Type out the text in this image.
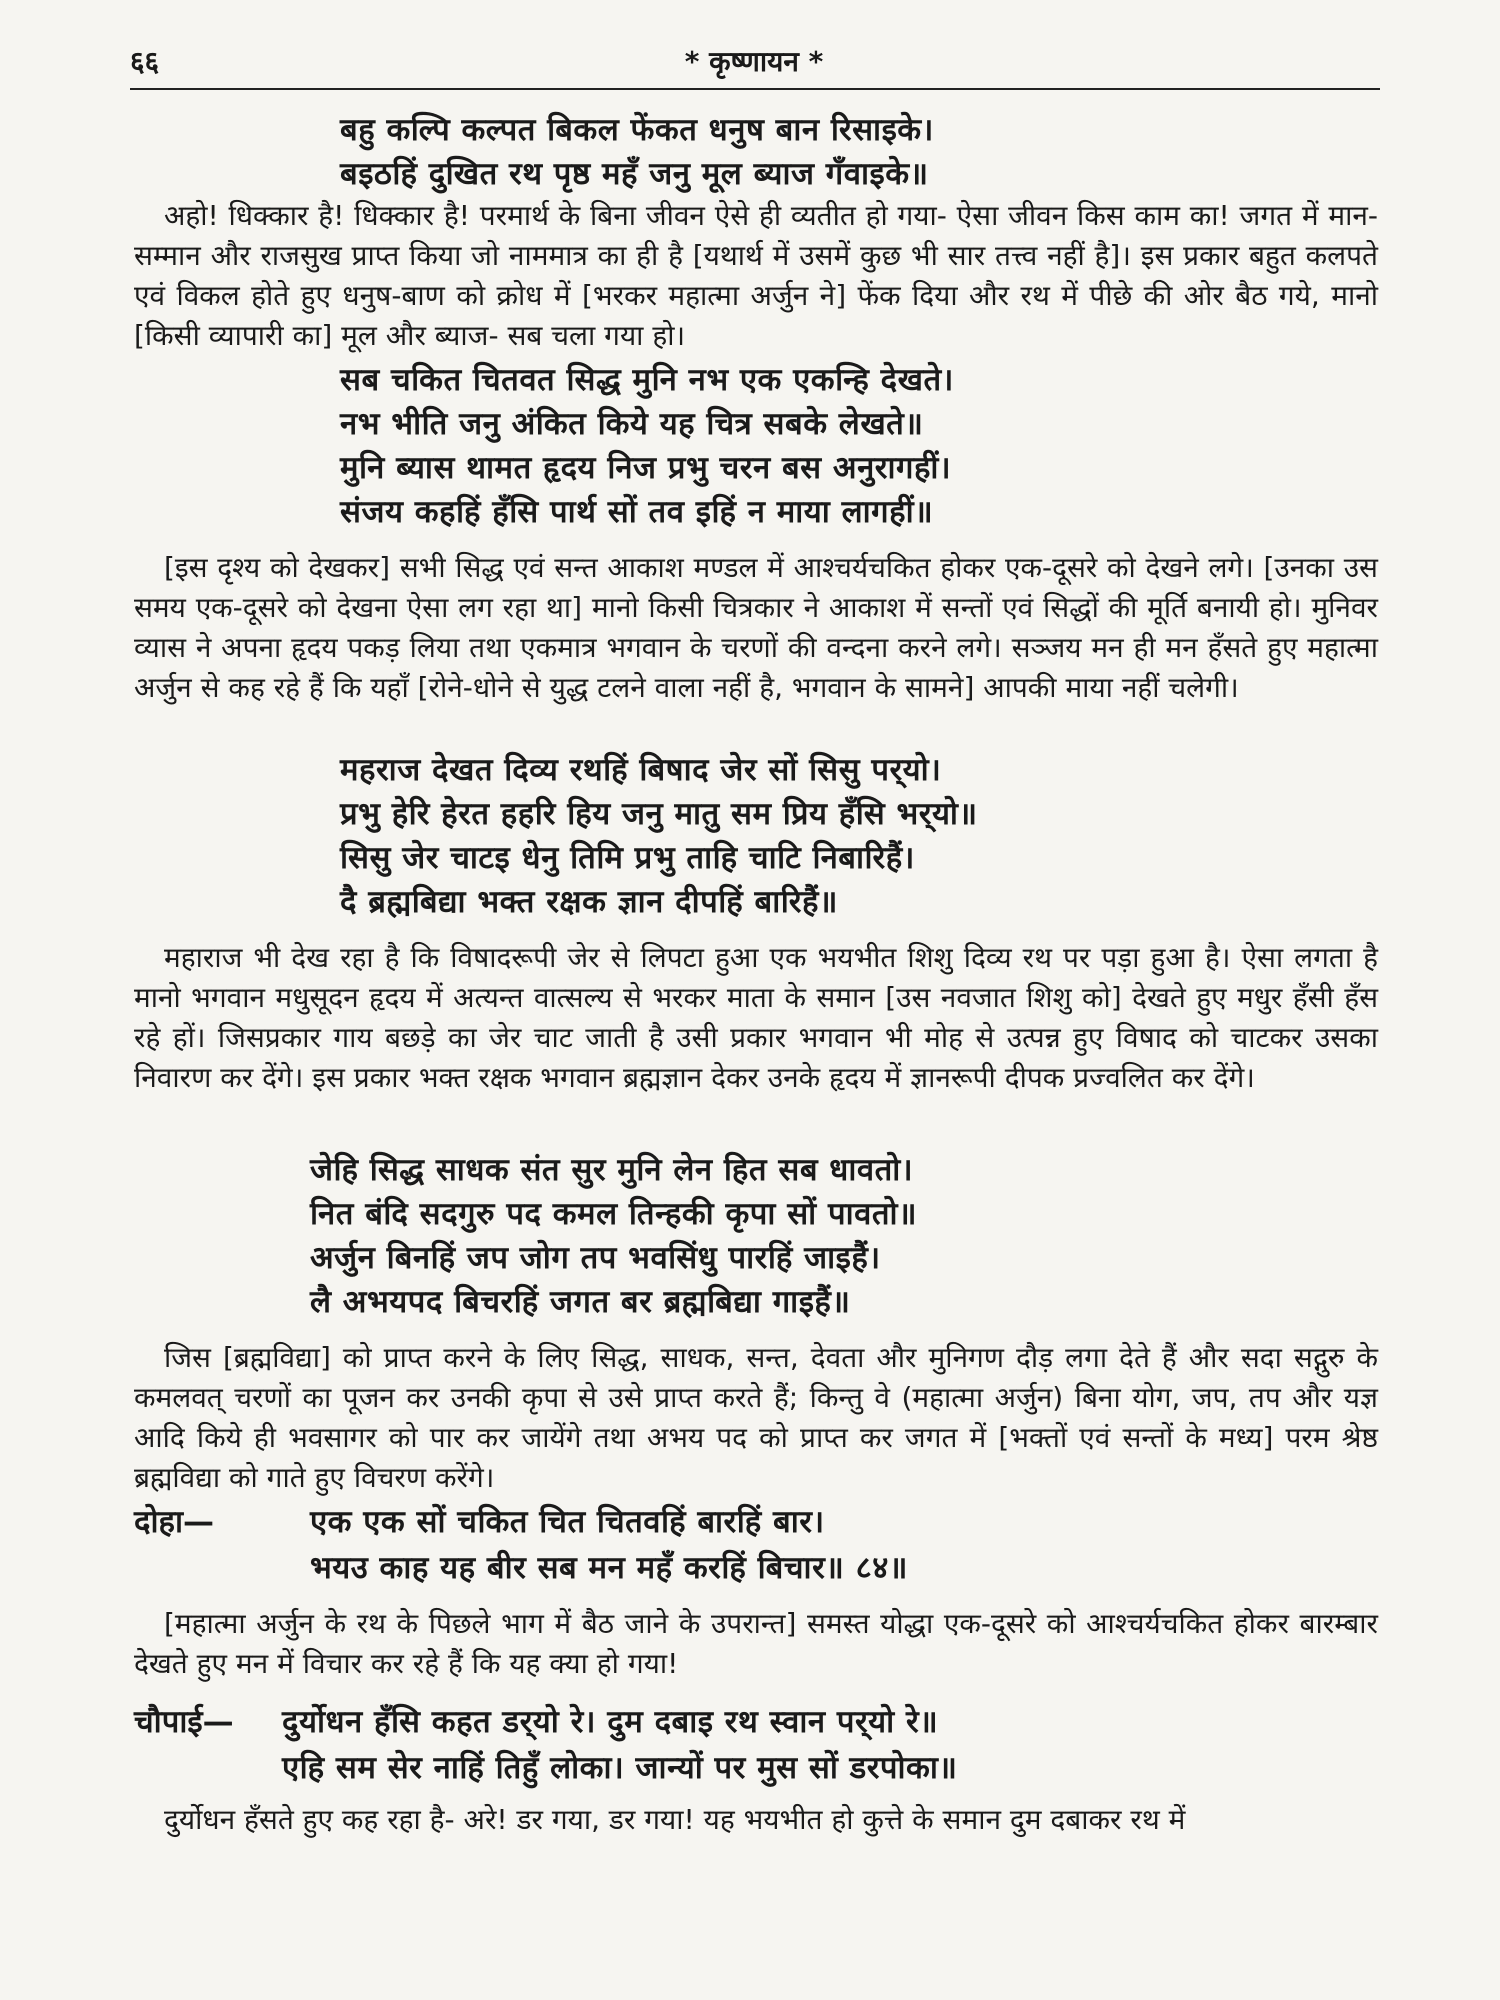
६६	* कृष्णायन *
बहु कल्पि कल्पत बिकल फेंकत धनुष बान रिसाइके।
बइठहिं दुखित रथ पृष्ठ महँ जनु मूल ब्याज गँवाइके॥

अहो! धिक्कार है! धिक्कार है! परमार्थ के बिना जीवन ऐसे ही व्यतीत हो गया- ऐसा जीवन किस काम का! जगत में मान-सम्मान और राजसुख प्राप्त किया जो नाममात्र का ही है [यथार्थ में उसमें कुछ भी सार तत्त्व नहीं है]। इस प्रकार बहुत कलपते एवं विकल होते हुए धनुष-बाण को क्रोध में [भरकर महात्मा अर्जुन ने] फेंक दिया और रथ में पीछे की ओर बैठ गये, मानो [किसी व्यापारी का] मूल और ब्याज- सब चला गया हो।

सब चकित चितवत सिद्ध मुनि नभ एक एकन्हि देखते।
नभ भीति जनु अंकित किये यह चित्र सबके लेखते॥
मुनि ब्यास थामत हृदय निज प्रभु चरन बस अनुरागहीं।
संजय कहहिं हँसि पार्थ सों तव इहिं न माया लागहीं॥

[इस दृश्य को देखकर] सभी सिद्ध एवं सन्त आकाश मण्डल में आश्चर्यचकित होकर एक-दूसरे को देखने लगे। [उनका उस समय एक-दूसरे को देखना ऐसा लग रहा था] मानो किसी चित्रकार ने आकाश में सन्तों एवं सिद्धों की मूर्ति बनायी हो। मुनिवर व्यास ने अपना हृदय पकड़ लिया तथा एकमात्र भगवान के चरणों की वन्दना करने लगे। सञ्जय मन ही मन हँसते हुए महात्मा अर्जुन से कह रहे हैं कि यहाँ [रोने-धोने से युद्ध टलने वाला नहीं है, भगवान के सामने] आपकी माया नहीं चलेगी।

महराज देखत दिव्य रथहिं बिषाद जेर सों सिसु पर्‌यो।
प्रभु हेरि हेरत हहरि हिय जनु मातु सम प्रिय हँसि भर्‌यो॥
सिसु जेर चाटइ धेनु तिमि प्रभु ताहि चाटि निबारिहैं।
दै ब्रह्मबिद्या भक्त रक्षक ज्ञान दीपहिं बारिहैं॥

महाराज भी देख रहा है कि विषादरूपी जेर से लिपटा हुआ एक भयभीत शिशु दिव्य रथ पर पड़ा हुआ है। ऐसा लगता है मानो भगवान मधुसूदन हृदय में अत्यन्त वात्सल्य से भरकर माता के समान [उस नवजात शिशु को] देखते हुए मधुर हँसी हँस रहे हों। जिसप्रकार गाय बछड़े का जेर चाट जाती है उसी प्रकार भगवान भी मोह से उत्पन्न हुए विषाद को चाटकर उसका निवारण कर देंगे। इस प्रकार भक्त रक्षक भगवान ब्रह्मज्ञान देकर उनके हृदय में ज्ञानरूपी दीपक प्रज्वलित कर देंगे।

जेहि सिद्ध साधक संत सुर मुनि लेन हित सब धावतो।
नित बंदि सदगुरु पद कमल तिन्हकी कृपा सों पावतो॥
अर्जुन बिनहिं जप जोग तप भवसिंधु पारहिं जाइहैं।
लै अभयपद बिचरहिं जगत बर ब्रह्मबिद्या गाइहैं॥

जिस [ब्रह्मविद्या] को प्राप्त करने के लिए सिद्ध, साधक, सन्त, देवता और मुनिगण दौड़ लगा देते हैं और सदा सद्गुरु के कमलवत् चरणों का पूजन कर उनकी कृपा से उसे प्राप्त करते हैं; किन्तु वे (महात्मा अर्जुन) बिना योग, जप, तप और यज्ञ आदि किये ही भवसागर को पार कर जायेंगे तथा अभय पद को प्राप्त कर जगत में [भक्तों एवं सन्तों के मध्य] परम श्रेष्ठ ब्रह्मविद्या को गाते हुए विचरण करेंगे।

दोहा—	एक एक सों चकित चित चितवहिं बारहिं बार।
भयउ काह यह बीर सब मन महँ करहिं बिचार॥ ८४॥

[महात्मा अर्जुन के रथ के पिछले भाग में बैठ जाने के उपरान्त] समस्त योद्धा एक-दूसरे को आश्चर्यचकित होकर बारम्बार देखते हुए मन में विचार कर रहे हैं कि यह क्या हो गया!

चौपाई— दुर्योधन हँसि कहत डर्‌यो रे। दुम दबाइ रथ स्वान पर्‌यो रे॥
एहि सम सेर नाहिं तिहुँ लोका। जान्यों पर मुस सों डरपोका॥

दुर्योधन हँसते हुए कह रहा है- अरे! डर गया, डर गया! यह भयभीत हो कुत्ते के समान दुम दबाकर रथ में
